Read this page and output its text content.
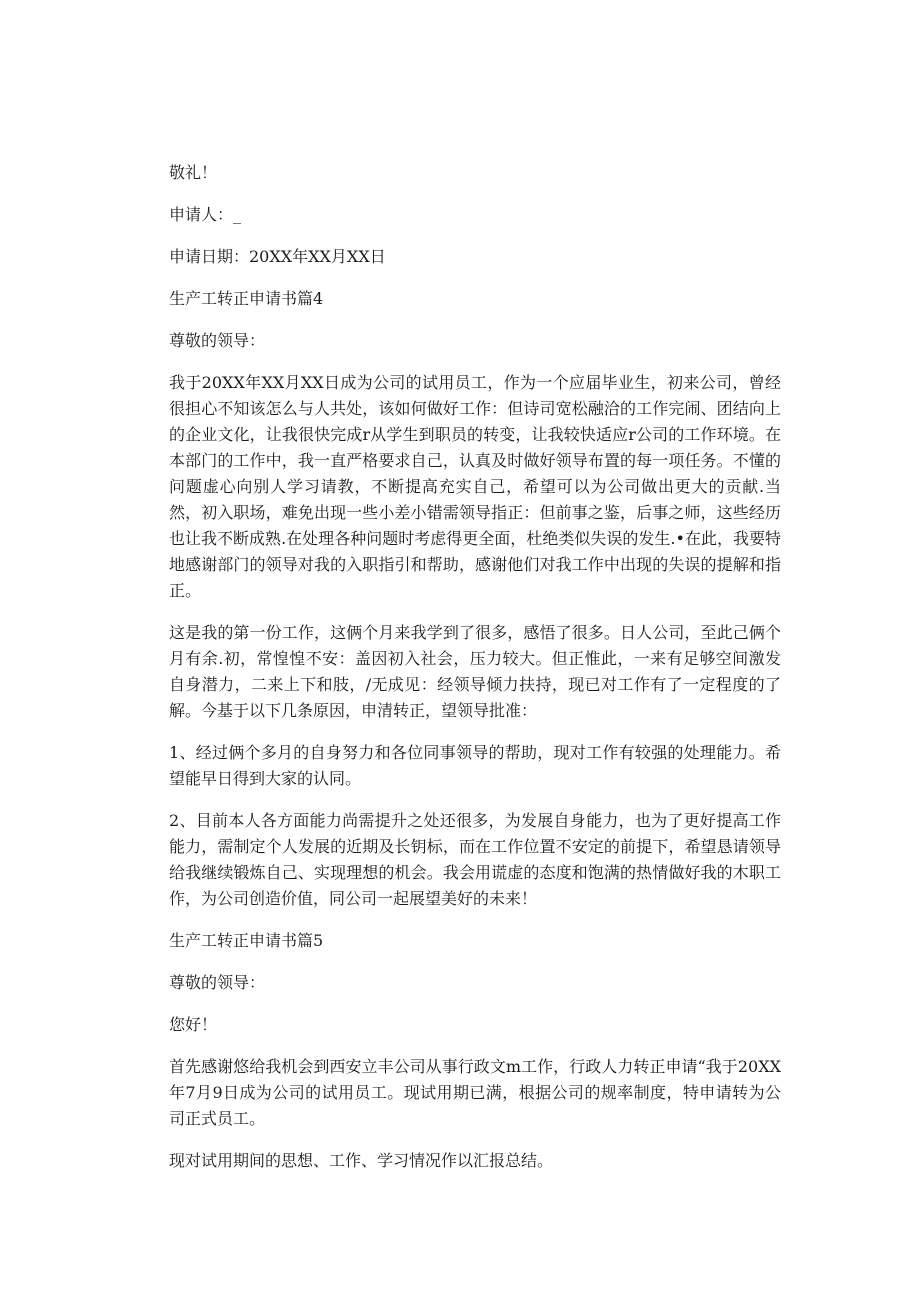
敬礼！

申请人：_

申请日期：20XX年XX月XX日

生产工转正申请书篇4

尊敬的领导：

我于20XX年XX月XX日成为公司的试用员工，作为一个应届毕业生，初来公司，曾经很担心不知该怎么与人共处，该如何做好工作：但诗司宽松融洽的工作完闹、团结向上的企业文化，让我很快完成r从学生到职员的转变，让我较快适应r公司的工作环境。在本部门的工作中，我一直严格要求自己，认真及时做好领导布置的每一项任务。不懂的问题虚心向别人学习请教，不断提高充实自己，希望可以为公司做出更大的贡献.当然，初入职场，难免出现一些小差小错需领导指正：但前事之鉴，后事之师，这些经历也让我不断成熟.在处理各种问题时考虑得更全面，杜绝类似失误的发生.•在此，我要特地感谢部门的领导对我的入职指引和帮助，感谢他们对我工作中出现的失误的提解和指正。

这是我的第一份工作，这俩个月来我学到了很多，感悟了很多。日人公司，至此己俩个月有余.初，常惶惶不安：盖因初入社会，压力较大。但正惟此，一来有足够空间激发自身潜力，二来上下和肢，/无成见：经领导倾力扶持，现已对工作有了一定程度的了解。今基于以下几条原因，申清转正，望领导批准：

1、经过俩个多月的自身努力和各位同事领导的帮助，现对工作有较强的处理能力。希望能早日得到大家的认同。

2、目前本人各方面能力尚需提升之处还很多，为发展自身能力，也为了更好提高工作能力，需制定个人发展的近期及长钥标，而在工作位置不安定的前提下，希望恳请领导给我继续锻炼自己、实现理想的机会。我会用谎虚的态度和饱满的热情做好我的木职工作，为公司创造价值，同公司一起展望美好的未来！

生产工转正申请书篇5

尊敬的领导：

您好！

首先感谢悠给我机会到西安立丰公司从事行政文m工作，行政人力转正申请“我于20XX年7月9日成为公司的试用员工。现试用期已满，根据公司的规率制度，特申请转为公司正式员工。

现对试用期间的思想、工作、学习情况作以汇报总结。
